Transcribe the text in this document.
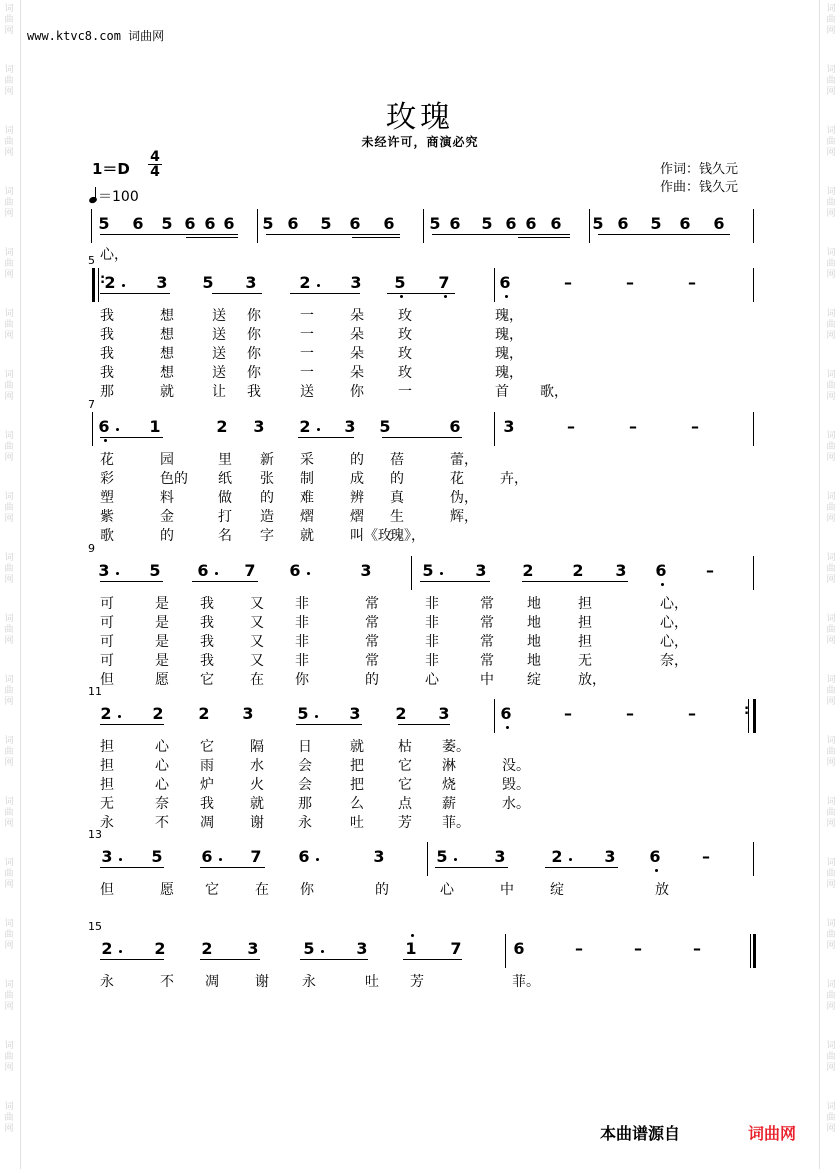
词
曲
网
词
曲
网
词
曲
网
词
曲
网
词
曲
网
词
曲
网
词
曲
网
词
曲
网
词
曲
网
词
曲
网
词
曲
网
词
曲
网
词
曲
网
词
曲
网
词
曲
网
词
曲
网
词
曲
网
词
曲
网
词
曲
网
词
曲
网
词
曲
网
词
曲
网
词
曲
网
词
曲
网
词
曲
网
词
曲
网
词
曲
网
词
曲
网
词
曲
网
词
曲
网
词
曲
网
词
曲
网
词
曲
网
词
曲
网
词
曲
网
词
曲
网
词
曲
网
词
曲
网
www.ktvc8.com 词曲网
玫瑰
未经许可，商演必究
1＝D
4
4
＝100
作词：钱久元
作曲：钱久元
5 6 5 6 6 6 5 6 5 6 6 5 6 5 6 6 6 5 6 5 6 6
5 心，
: 2	3 5 3	2 3 5 7	6	–	–	–
我	想	送 你	一	朵 玫	瑰，
我	想	送 你	一	朵 玫	瑰，
我	想	送 你	一	朵 玫	瑰，
我	想	送 你	一	朵 玫	瑰，
那	就	让 我	送	你 一	首 歌，
7
6 1	2 3 2 3 5	6	3	–	–	–
花	园	里 新 采	的 蓓	蕾，
彩	色的 纸 张 制	成 的	花	卉，
塑	料	做 的 难	辨 真	伪，
紫	金	打 造 熠	熠 生	辉，
歌	的	名 字 就	叫《玫
瑰》，
9
3 5 6 7 6	3	5	3 2 2 3 6 –
可	是 我	又 非	常	非	常 地	担	心，
可	是 我	又 非	常	非	常 地	担	心，
可	是 我	又 非	常	非	常 地	担	心，
可	是 我	又 非	常	非	常 地	无	奈，
但	愿 它	在 你	的	心	中 绽	放，
11
:
2	2 2 3	5	3 2 3	6	–	–	–
担	心 它	隔 日	就 枯 萎。
担	心 雨	水 会	把 它 淋	没。
担	心 炉	火 会	把 它 烧	毁。
无	奈 我	就 那	么 点 薪	水。
永	不 凋	谢 永	吐 芳 菲。
13
3 5 6 7 6	3	5	3	2	3 6	–
但	愿 它	在 你	的	心	中	绽	放
15
2	2 2 3	5	3 1 7	6	–	–	–
永	不 凋	谢 永	吐 芳	菲。
本曲谱源自	词曲网
